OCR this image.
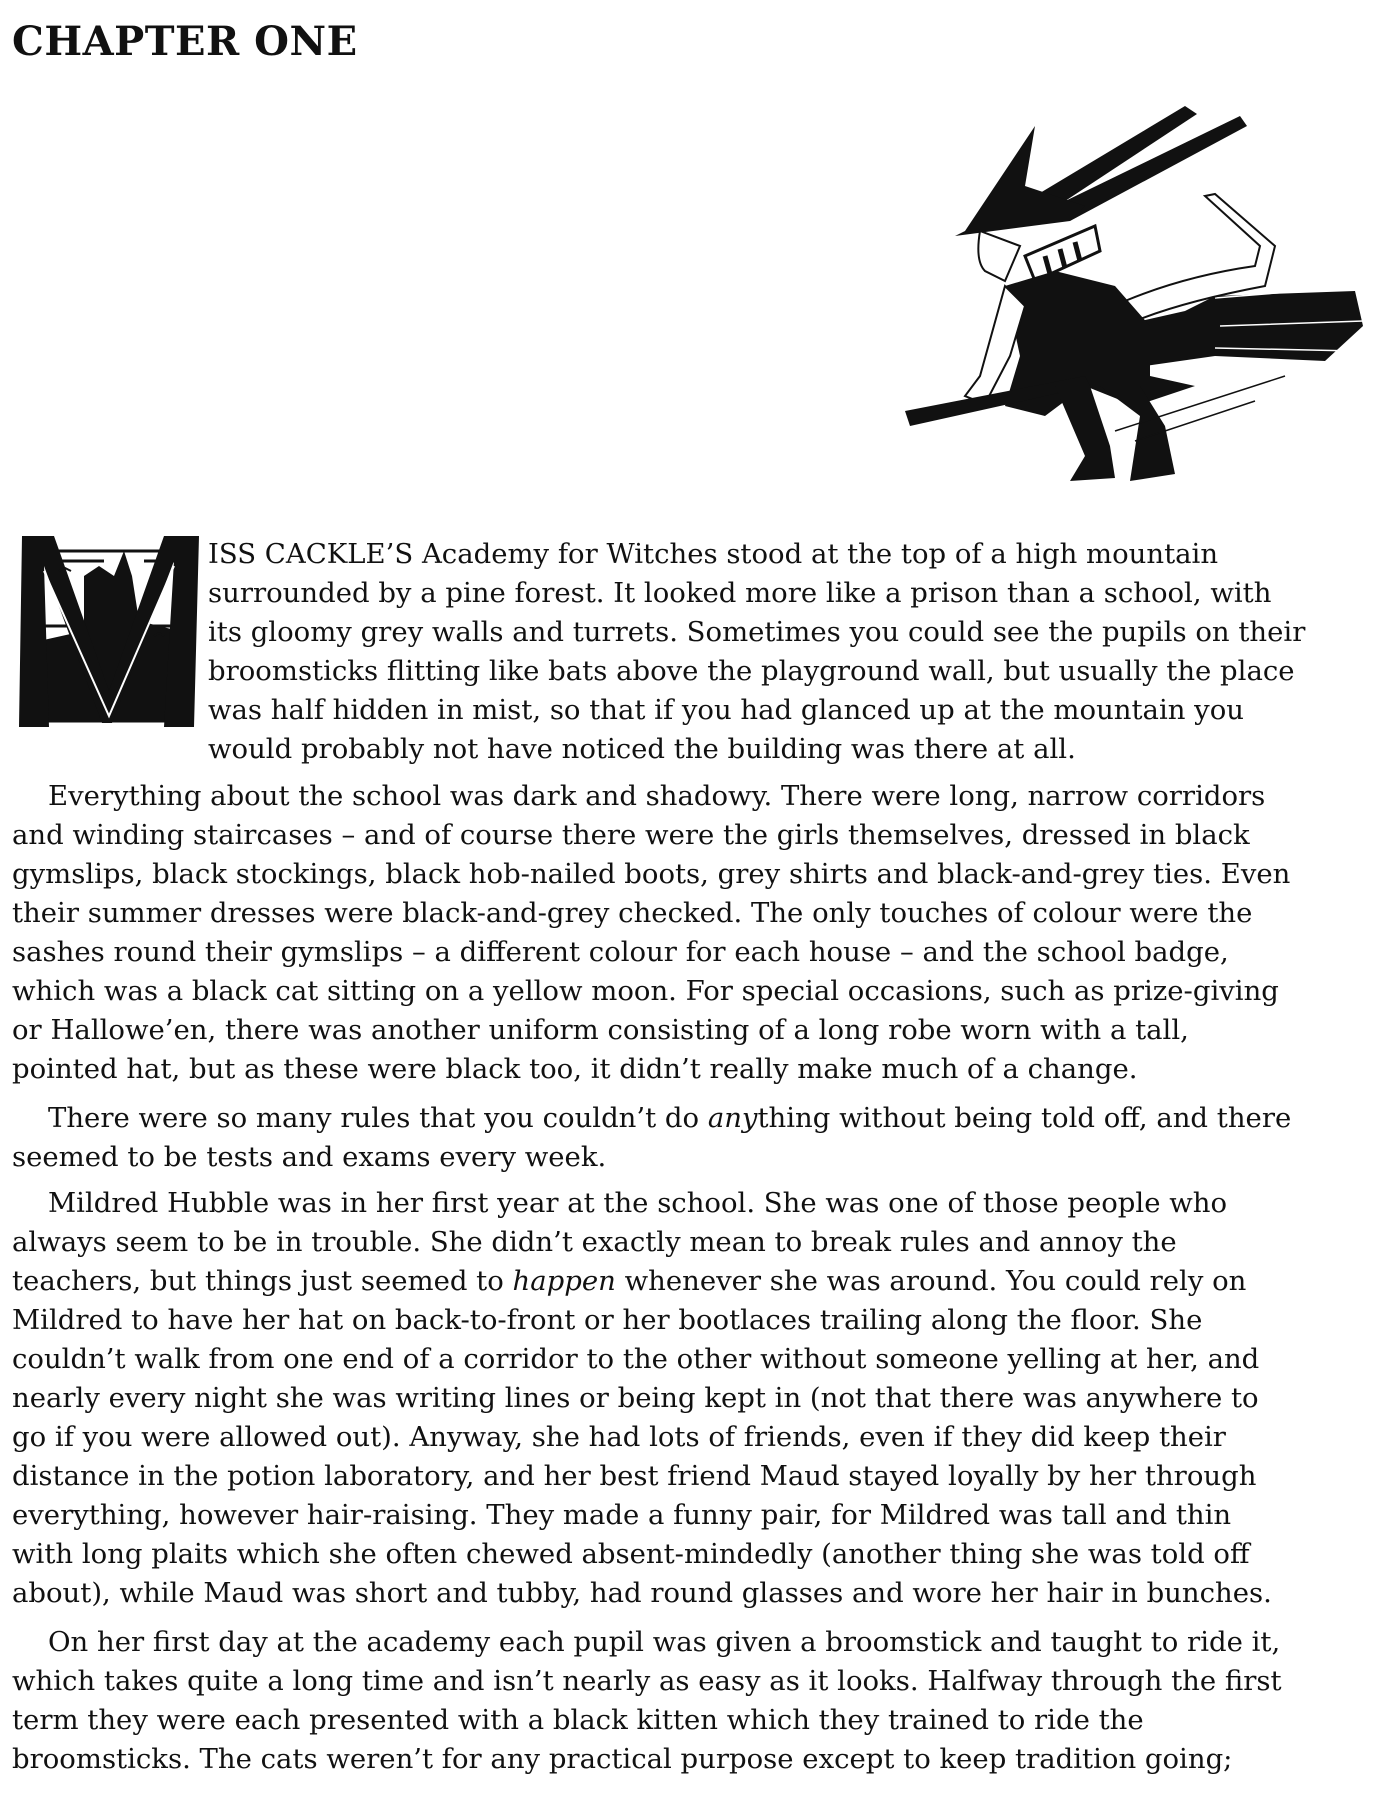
CHAPTER ONE
ISS CACKLE’S Academy for Witches stood at the top of a high mountain
surrounded by a pine forest. It looked more like a prison than a school, with
its gloomy grey walls and turrets. Sometimes you could see the pupils on their
broomsticks flitting like bats above the playground wall, but usually the place
was half hidden in mist, so that if you had glanced up at the mountain you
would probably not have noticed the building was there at all.
Everything about the school was dark and shadowy. There were long, narrow corridors
and winding staircases – and of course there were the girls themselves, dressed in black
gymslips, black stockings, black hob-nailed boots, grey shirts and black-and-grey ties. Even
their summer dresses were black-and-grey checked. The only touches of colour were the
sashes round their gymslips – a different colour for each house – and the school badge,
which was a black cat sitting on a yellow moon. For special occasions, such as prize-giving
or Hallowe’en, there was another uniform consisting of a long robe worn with a tall,
pointed hat, but as these were black too, it didn’t really make much of a change.
There were so many rules that you couldn’t do anything without being told off, and there
seemed to be tests and exams every week.
Mildred Hubble was in her first year at the school. She was one of those people who
always seem to be in trouble. She didn’t exactly mean to break rules and annoy the
teachers, but things just seemed to happen whenever she was around. You could rely on
Mildred to have her hat on back-to-front or her bootlaces trailing along the floor. She
couldn’t walk from one end of a corridor to the other without someone yelling at her, and
nearly every night she was writing lines or being kept in (not that there was anywhere to
go if you were allowed out). Anyway, she had lots of friends, even if they did keep their
distance in the potion laboratory, and her best friend Maud stayed loyally by her through
everything, however hair-raising. They made a funny pair, for Mildred was tall and thin
with long plaits which she often chewed absent-mindedly (another thing she was told off
about), while Maud was short and tubby, had round glasses and wore her hair in bunches.
On her first day at the academy each pupil was given a broomstick and taught to ride it,
which takes quite a long time and isn’t nearly as easy as it looks. Halfway through the first
term they were each presented with a black kitten which they trained to ride the
broomsticks. The cats weren’t for any practical purpose except to keep tradition going;
